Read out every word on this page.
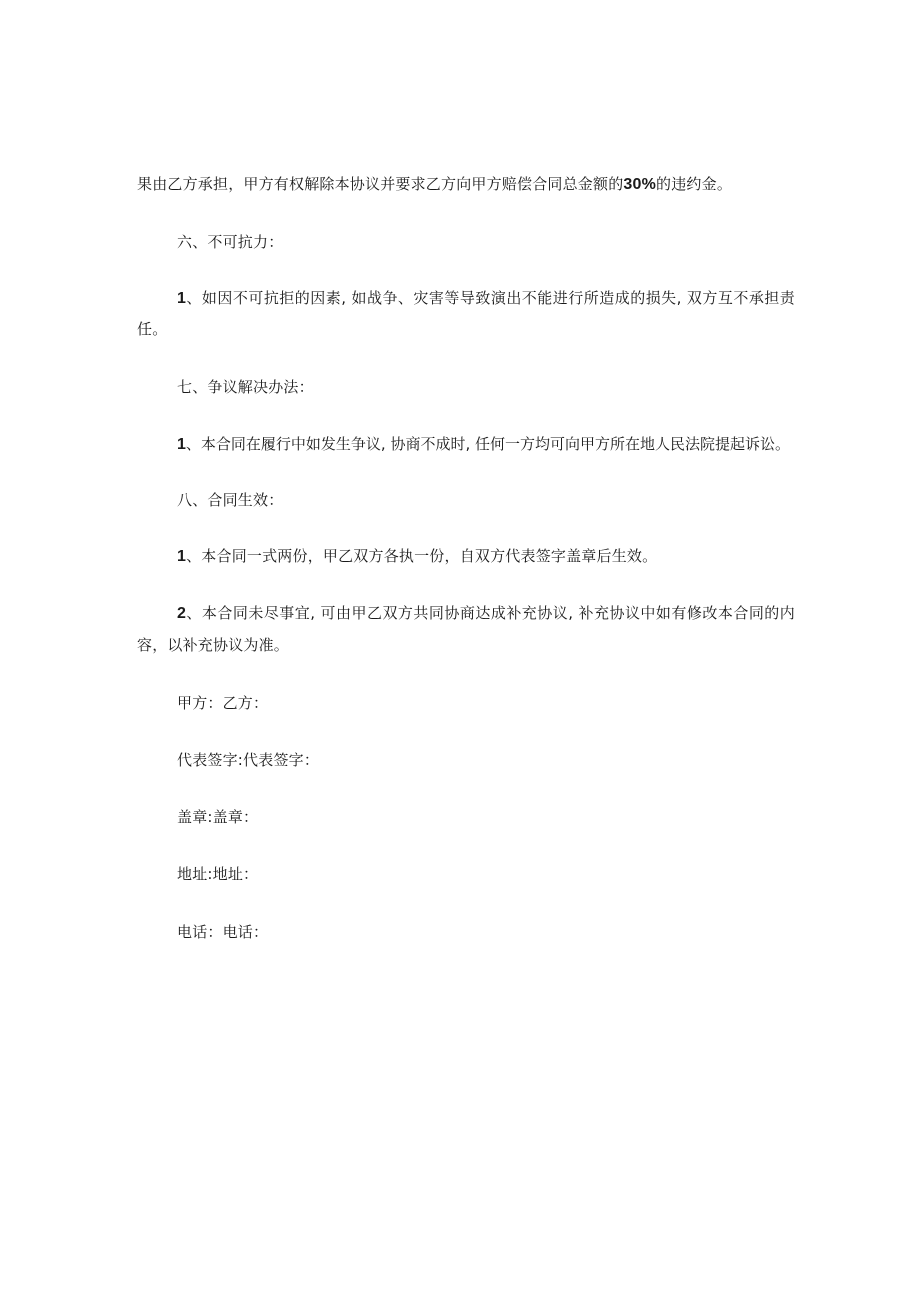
果由乙方承担，甲方有权解除本协议并要求乙方向甲方赔偿合同总金额的30%的违约金。
六、不可抗力：
1、如因不可抗拒的因素, 如战争、灾害等导致演出不能进行所造成的损失, 双方互不承担责
任。
七、争议解决办法：
1、本合同在履行中如发生争议, 协商不成时, 任何一方均可向甲方所在地人民法院提起诉讼。
八、合同生效：
1、本合同一式两份，甲乙双方各执一份，自双方代表签字盖章后生效。
2、本合同未尽事宜, 可由甲乙双方共同协商达成补充协议, 补充协议中如有修改本合同的内
容，以补充协议为准。
甲方：乙方：
代表签字:代表签字：
盖章:盖章：
地址:地址：
电话：电话：
